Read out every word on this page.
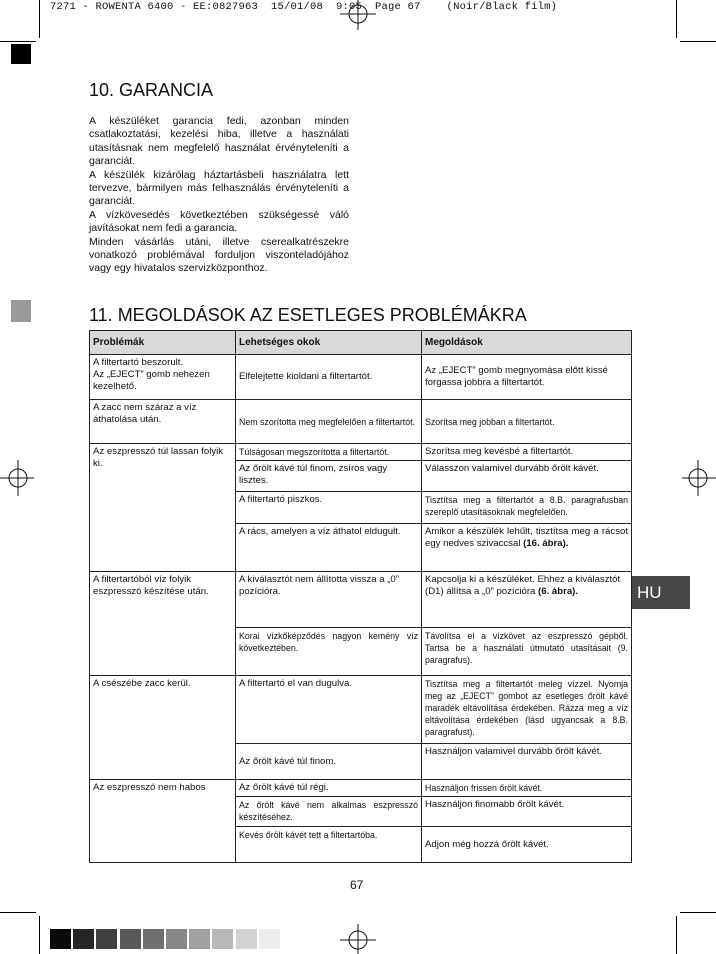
7271 - ROWENTA 6400 - EE:0827963  15/01/08  9:05  Page 67    (Noir/Black film)
10. GARANCIA

A készüléket garancia fedi, azonban minden csatlakoztatási, kezelési hiba, illetve a használati utasításnak nem megfelelő használat érvényteleníti a garanciát.

A készülék kizárólag háztartásbeli használatra lett tervezve, bármilyen más felhasználás érvényteleníti a garanciát.

A vízkövesedés következtében szükségessé váló javításokat nem fedi a garancia.

Minden vásárlás utáni, illetve cserealkatrészekre vonatkozó problémával forduljon viszonteladójához vagy egy hivatalos szervizközponthoz.

11. MEGOLDÁSOK AZ ESETLEGES PROBLÉMÁKRA
Problémák	Lehetséges okok	Megoldások
A filtertartó beszorult.
Az „EJECT” gomb nehezen kezelhető.	Elfelejtette kioldani a filtertartót.	Az „EJECT” gomb megnyomása előtt kissé forgassa jobbra a filtertartót.
A zacc nem száraz a víz áthatolása után.	Nem szorította meg megfelelően a filtertartót.	Szorítsa meg jobban a filtertartót.
Az eszpresszó túl lassan folyik ki.	Túlságosan megszorította a filtertartót.	Szorítsa meg kevésbé a filtertartót.
	Az őrölt kávé túl finom, zsíros vagy lisztes.	Válasszon valamivel durvább őrölt kávét.
	A filtertartó piszkos.	Tisztítsa meg a filtertartót a 8.B. paragrafusban szereplő utasításoknak megfelelően.
	A rács, amelyen a víz áthatol eldugult.	Amikor a készülék lehűlt, tisztítsa meg a rácsot egy nedves szivaccsal (16. ábra).
A filtertartóból víz folyik eszpresszó készítése után.	A kiválasztót nem állította vissza a „0” pozícióra.	Kapcsolja ki a készüléket. Ehhez a kiválasztót (D1) állítsa a „0” pozícióra (6. ábra).
	Korai vízkőképződés nagyon kemény víz következtében.	Távolítsa el a vízkövet az eszpresszó gépből. Tartsa be a használati útmutató utasításait (9. paragrafus).
A csészébe zacc kerül.	A filtertartó el van dugulva.	Tisztítsa meg a filtertartót meleg vízzel. Nyomja meg az „EJECT” gombot az esetleges őrölt kávé maradék eltávolítása érdekében. Rázza meg a víz eltávolítása érdekében (lásd ugyancsak a 8.B. paragrafust).
	Az őrölt kávé túl finom.	Használjon valamivel durvább őrölt kávét.
Az eszpresszó nem habos	Az őrölt kávé túl régi.	Használjon frissen őrölt kávét.
	Az őrölt kávé nem alkalmas eszpresszó készítéséhez.	Használjon finomabb őrölt kávét.
	Kevés őrölt kávét tett a filtertartóba.	Adjon még hozzá őrölt kávét.
HU
67
